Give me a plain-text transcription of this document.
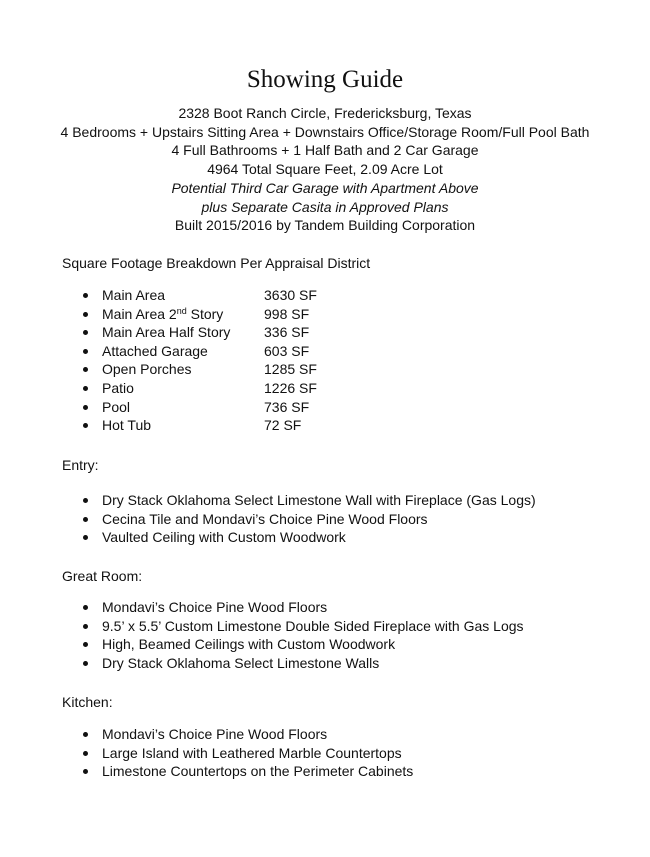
Showing Guide
2328 Boot Ranch Circle, Fredericksburg, Texas
4 Bedrooms + Upstairs Sitting Area + Downstairs Office/Storage Room/Full Pool Bath
4 Full Bathrooms + 1 Half Bath and 2 Car Garage
4964 Total Square Feet, 2.09 Acre Lot
Potential Third Car Garage with Apartment Above
plus Separate Casita in Approved Plans
Built 2015/2016 by Tandem Building Corporation
Square Footage Breakdown Per Appraisal District
Main Area	3630 SF
Main Area 2nd Story	998 SF
Main Area Half Story 336 SF
Attached Garage	603 SF
Open Porches	1285 SF
Patio	1226 SF
Pool	736 SF
Hot Tub	72 SF
Entry:
Dry Stack Oklahoma Select Limestone Wall with Fireplace (Gas Logs)
Cecina Tile and Mondavi’s Choice Pine Wood Floors
Vaulted Ceiling with Custom Woodwork
Great Room:
Mondavi’s Choice Pine Wood Floors
9.5’ x 5.5’ Custom Limestone Double Sided Fireplace with Gas Logs
High, Beamed Ceilings with Custom Woodwork
Dry Stack Oklahoma Select Limestone Walls
Kitchen:
Mondavi’s Choice Pine Wood Floors
Large Island with Leathered Marble Countertops
Limestone Countertops on the Perimeter Cabinets
